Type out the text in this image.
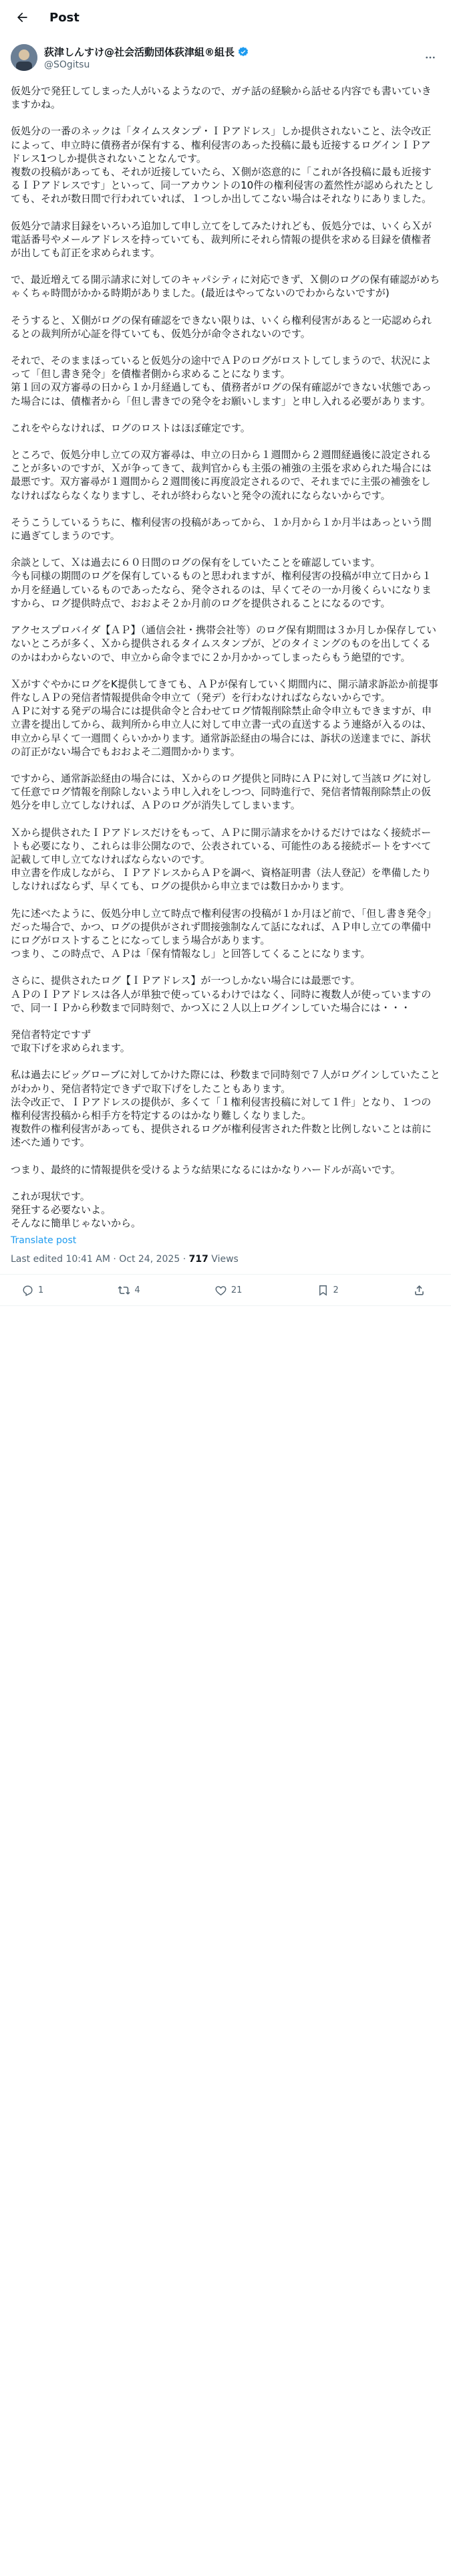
Post
荻津しんすけ@社会活動団体荻津組®組長
@SOgitsu

仮処分で発狂してしまった人がいるようなので、ガチ話の経験から話せる内容でも書いていきますかね。

仮処分の一番のネックは「タイムスタンプ・ＩＰアドレス」しか提供されないこと、法令改正によって、申立時に債務者が保有する、権利侵害のあった投稿に最も近接するログインＩＰアドレス1つしか提供されないことなんです。
複数の投稿があっても、それが近接していたら、Ｘ側が恣意的に「これが各投稿に最も近接するＩＰアドレスです」といって、同一アカウントの10件の権利侵害の蓋然性が認められたとしても、それが数日間で行われていれば、１つしか出してこない場合はそれなりにありました。

仮処分で請求目録をいろいろ追加して申し立てをしてみたけれども、仮処分では、いくらＸが電話番号やメールアドレスを持っていても、裁判所にそれら情報の提供を求める目録を債権者が出しても訂正を求められます。

で、最近増えてる開示請求に対してのキャパシティに対応できず、Ｘ側のログの保有確認がめちゃくちゃ時間がかかる時期がありました。(最近はやってないのでわからないですが)

そうすると、Ｘ側がログの保有確認をできない限りは、いくら権利侵害があると一応認められるとの裁判所が心証を得ていても、仮処分が命令されないのです。

それで、そのままほっていると仮処分の途中でＡＰのログがロストしてしまうので、状況によって「但し書き発令」を債権者側から求めることになります。
第１回の双方審尋の日から１か月経過しても、債務者がログの保有確認ができない状態であった場合には、債権者から「但し書きでの発令をお願いします」と申し入れる必要があります。

これをやらなければ、ログのロストはほぼ確定です。

ところで、仮処分申し立ての双方審尋は、申立の日から１週間から２週間経過後に設定されることが多いのですが、Ｘが争ってきて、裁判官からも主張の補強の主張を求められた場合には最悪です。双方審尋が１週間から２週間後に再度設定されるので、それまでに主張の補強をしなければならなくなりますし、それが終わらないと発令の流れにならないからです。

そうこうしているうちに、権利侵害の投稿があってから、１か月から１か月半はあっという間に過ぎてしまうのです。

余談として、Ｘは過去に６０日間のログの保有をしていたことを確認しています。
今も同様の期間のログを保有しているものと思われますが、権利侵害の投稿が申立て日から１か月を経過しているものであったなら、発令されるのは、早くてその一か月後くらいになりますから、ログ提供時点で、おおよそ２か月前のログを提供されることになるのです。

アクセスプロバイダ【ＡＰ】（通信会社・携帯会社等）のログ保有期間は３か月しか保存していないところが多く、Ｘから提供されるタイムスタンプが、どのタイミングのものを出してくるのかはわからないので、申立から命令までに２か月かかってしまったらもう絶望的です。

ＸがすぐやかにログをK提供してきても、ＡＰが保有していく期間内に、開示請求訴訟か前提事件なしＡＰの発信者情報提供命令申立て（発デ）を行わなければならないからです。
ＡＰに対する発デの場合には提供命令と合わせてログ情報削除禁止命令申立もできますが、申立書を提出してから、裁判所から申立人に対して申立書一式の直送するよう連絡が入るのは、申立から早くて一週間くらいかかります。通常訴訟経由の場合には、訴状の送達までに、訴状の訂正がない場合でもおおよそ二週間かかります。

ですから、通常訴訟経由の場合には、Ｘからのログ提供と同時にＡＰに対して当該ログに対して任意でログ情報を削除しないよう申し入れをしつつ、同時進行で、発信者情報削除禁止の仮処分を申し立てしなければ、ＡＰのログが消失してしまいます。

Ｘから提供されたＩＰアドレスだけをもって、ＡＰに開示請求をかけるだけではなく接続ポートも必要になり、これらは非公開なので、公表されている、可能性のある接続ポートをすべて記載して申し立てなければならないのです。
申立書を作成しながら、ＩＰアドレスからＡＰを調べ、資格証明書（法人登記）を準備したりしなければならず、早くても、ログの提供から申立までは数日かかります。

先に述べたように、仮処分申し立て時点で権利侵害の投稿が１か月ほど前で、「但し書き発令」だった場合で、かつ、ログの提供がされず間接強制なんて話になれば、ＡＰ申し立ての準備中にログがロストすることになってしまう場合があります。
つまり、この時点で、ＡＰは「保有情報なし」と回答してくることになります。

さらに、提供されたログ【ＩＰアドレス】が一つしかない場合には最悪です。
ＡＰのＩＰアドレスは各人が単独で使っているわけではなく、同時に複数人が使っていますので、同一ＩＰから秒数まで同時刻で、かつＸに２人以上ログインしていた場合には・・・

発信者特定ですず
で取下げを求められます。

私は過去にビッグローブに対してかけた際には、秒数まで同時刻で７人がログインしていたことがわかり、発信者特定できずで取下げをしたこともあります。
法令改正で、ＩＰアドレスの提供が、多くて「１権利侵害投稿に対して１件」となり、１つの権利侵害投稿から相手方を特定するのはかなり難しくなりました。
複数件の権利侵害があっても、提供されるログが権利侵害された件数と比例しないことは前に述べた通りです。

つまり、最終的に情報提供を受けるような結果になるにはかなりハードルが高いです。

これが現状です。
発狂する必要ないよ。
そんなに簡単じゃないから。

Translate post
Last edited 10:41 AM · Oct 24, 2025 · 717 Views
1	4	21	2
